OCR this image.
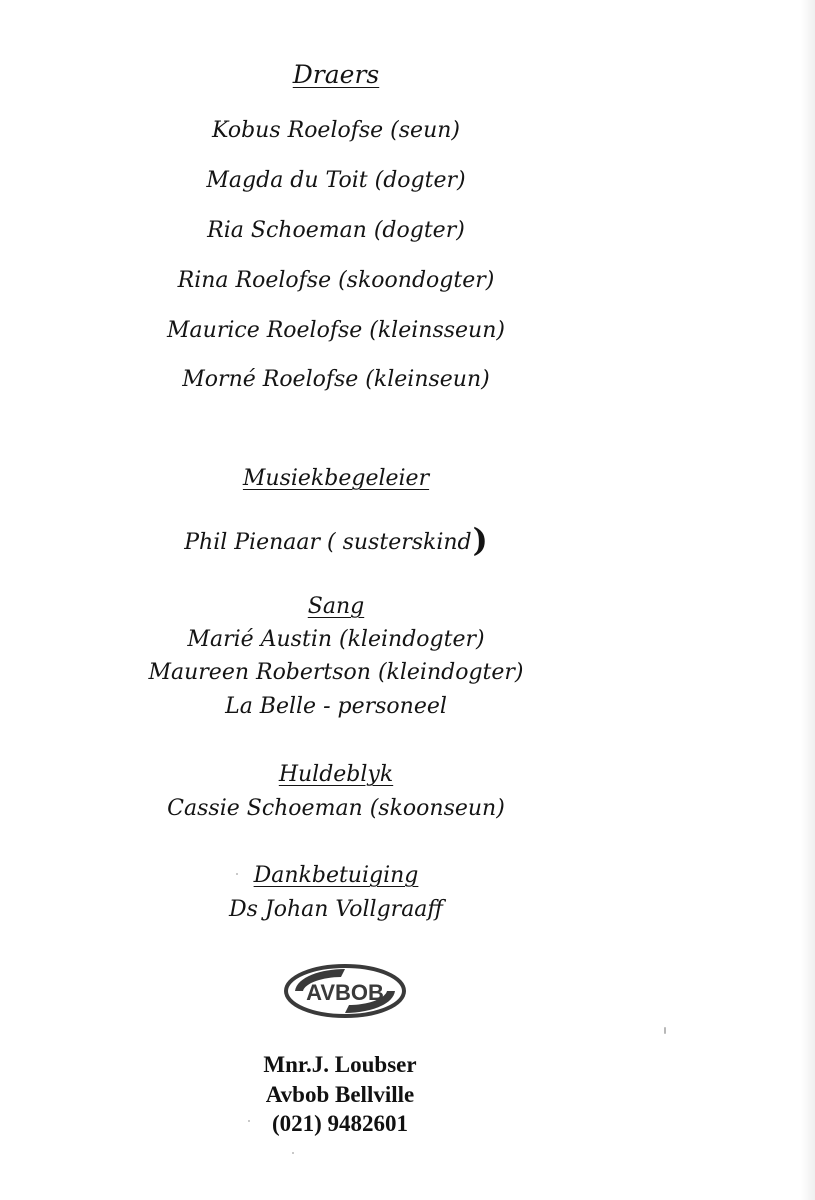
Draers
Kobus Roelofse (seun)
Magda du Toit (dogter)
Ria Schoeman (dogter)
Rina Roelofse (skoondogter)
Maurice Roelofse (kleinsseun)
Morné Roelofse (kleinseun)
Musiekbegeleier
Phil Pienaar ( susterskind)
Sang
Marié Austin (kleindogter)
Maureen Robertson (kleindogter)
La Belle - personeel
Huldeblyk
Cassie Schoeman (skoonseun)
Dankbetuiging
Ds Johan Vollgraaff
AVBOB
Mnr.J. Loubser
Avbob Bellville
(021) 9482601
